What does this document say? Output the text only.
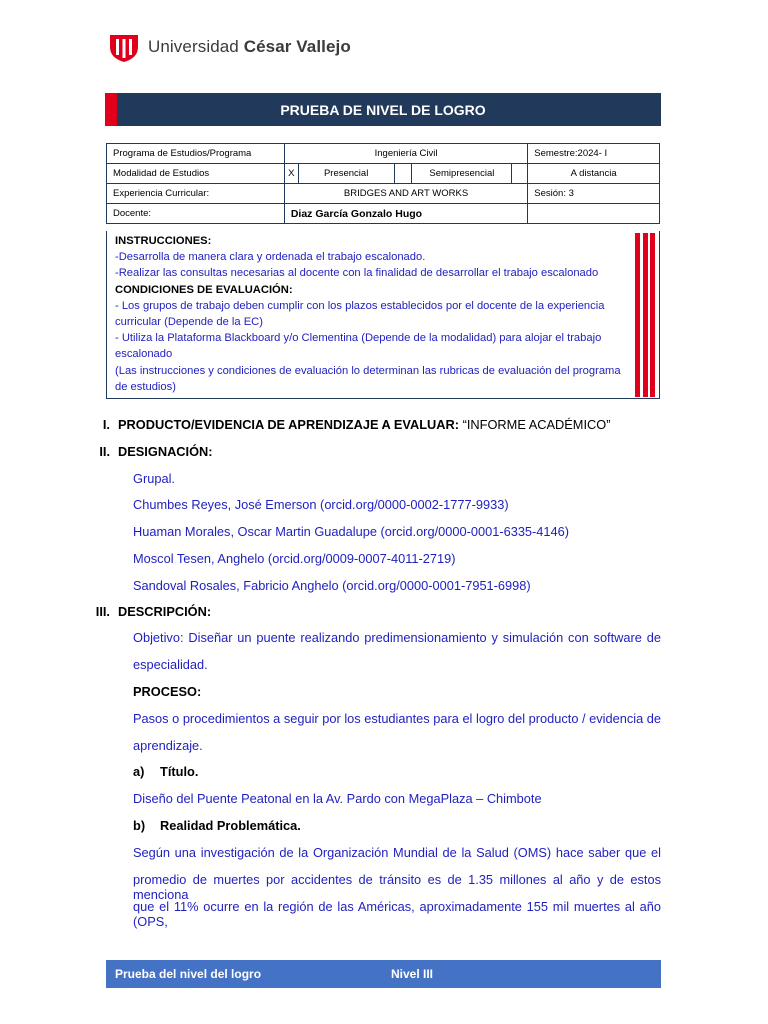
Universidad César Vallejo
PRUEBA DE NIVEL DE LOGRO
Programa de Estudios/Programa	Ingeniería Civil					Semestre:2024- I
Modalidad de Estudios	X	Presencial		Semipresencial		A distancia
Experiencia Curricular:	BRIDGES AND ART WORKS					Sesión: 3
Docente:	Diaz García Gonzalo Hugo					
INSTRUCCIONES:
-Desarrolla de manera clara y ordenada el trabajo escalonado.
-Realizar las consultas necesarias al docente con la finalidad de desarrollar el trabajo escalonado
CONDICIONES DE EVALUACIÓN:
- Los grupos de trabajo deben cumplir con los plazos establecidos por el docente de la experiencia
curricular (Depende de la EC)
- Utiliza la Plataforma Blackboard y/o Clementina (Depende de la modalidad) para alojar el trabajo
escalonado
(Las instrucciones y condiciones de evaluación lo determinan las rubricas de evaluación del programa
de estudios)
I. PRODUCTO/EVIDENCIA DE APRENDIZAJE A EVALUAR: “INFORME ACADÉMICO”
II. DESIGNACIÓN:
Grupal.
Chumbes Reyes, José Emerson (orcid.org/0000-0002-1777-9933)
Huaman Morales, Oscar Martin Guadalupe (orcid.org/0000-0001-6335-4146)
Moscol Tesen, Anghelo (orcid.org/0009-0007-4011-2719)
Sandoval Rosales, Fabricio Anghelo (orcid.org/0000-0001-7951-6998)
III. DESCRIPCIÓN:
Objetivo: Diseñar un puente realizando predimensionamiento y simulación con software de
especialidad.
PROCESO:
Pasos o procedimientos a seguir por los estudiantes para el logro del producto / evidencia de
aprendizaje.
a) Título.
Diseño del Puente Peatonal en la Av. Pardo con MegaPlaza – Chimbote
b) Realidad Problemática.
Según una investigación de la Organización Mundial de la Salud (OMS) hace saber que el
promedio de muertes por accidentes de tránsito es de 1.35 millones al año y de estos menciona
que el 11% ocurre en la región de las Américas, aproximadamente 155 mil muertes al año (OPS,
Prueba del nivel del logro	Nivel III
